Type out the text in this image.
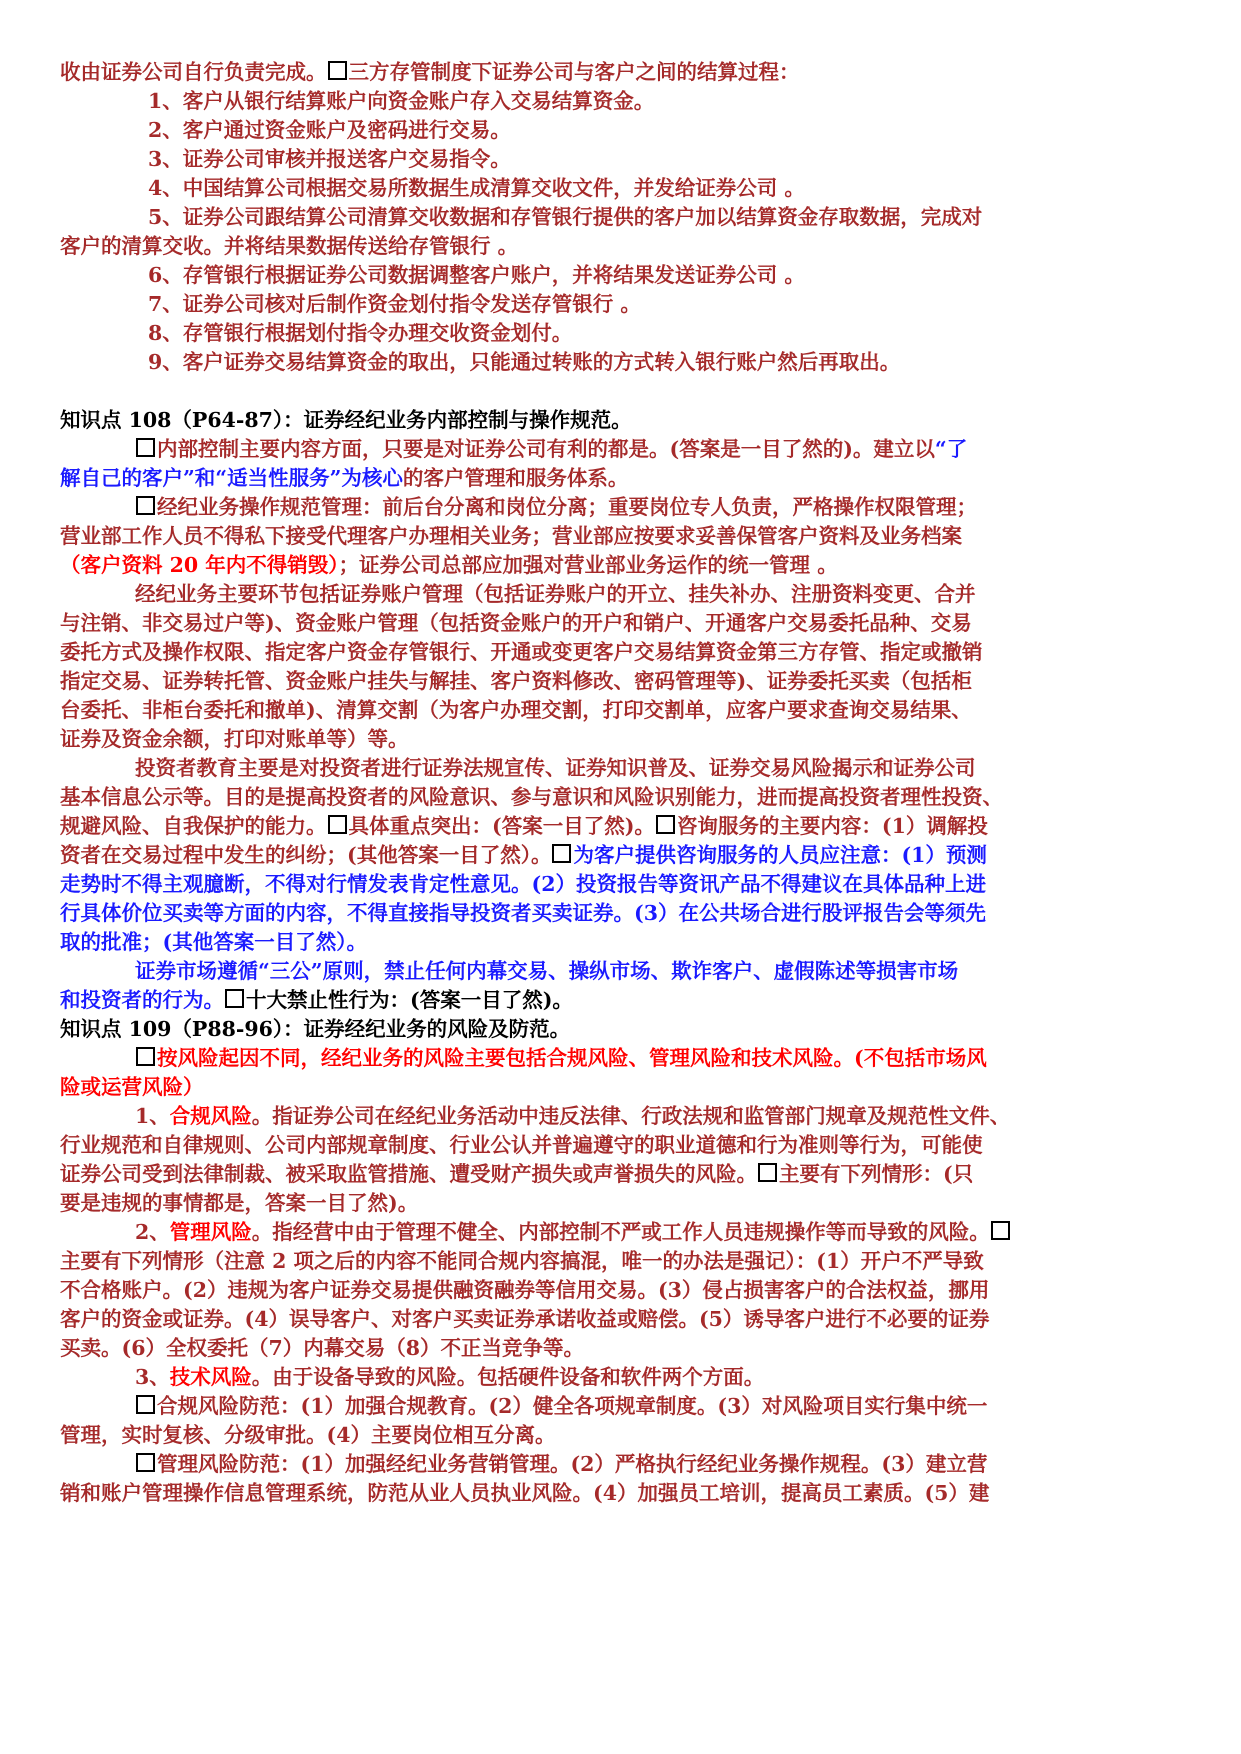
收由证券公司自行负责完成。 三方存管制度下证券公司与客户之间的结算过程：
1、客户从银行结算账户向资金账户存入交易结算资金。
2、客户通过资金账户及密码进行交易。
3、证券公司审核并报送客户交易指令。
4、中国结算公司根据交易所数据生成清算交收文件，并发给证券公司 。
5、证券公司跟结算公司清算交收数据和存管银行提供的客户加以结算资金存取数据，完成对
客户的清算交收。并将结果数据传送给存管银行 。
6、存管银行根据证券公司数据调整客户账户，并将结果发送证券公司 。
7、证券公司核对后制作资金划付指令发送存管银行 。
8、存管银行根据划付指令办理交收资金划付。
9、客户证券交易结算资金的取出，只能通过转账的方式转入银行账户然后再取出。
知识点 108（P64-87）：证券经纪业务内部控制与操作规范。
内部控制主要内容方面，只要是对证券公司有利的都是。(答案是一目了然的)。建立以“了
解自己的客户”和“适当性服务”为核心的客户管理和服务体系。
经纪业务操作规范管理：前后台分离和岗位分离；重要岗位专人负责，严格操作权限管理；
营业部工作人员不得私下接受代理客户办理相关业务；营业部应按要求妥善保管客户资料及业务档案
（客户资料 20 年内不得销毁）；证券公司总部应加强对营业部业务运作的统一管理 。
经纪业务主要环节包括证券账户管理（包括证券账户的开立、挂失补办、注册资料变更、合并
与注销、非交易过户等)、资金账户管理（包括资金账户的开户和销户、开通客户交易委托品种、交易
委托方式及操作权限、指定客户资金存管银行、开通或变更客户交易结算资金第三方存管、指定或撤销
指定交易、证券转托管、资金账户挂失与解挂、客户资料修改、密码管理等)、证券委托买卖（包括柜
台委托、非柜台委托和撤单)、清算交割（为客户办理交割，打印交割单，应客户要求查询交易结果、
证券及资金余额，打印对账单等）等。
投资者教育主要是对投资者进行证券法规宣传、证券知识普及、证券交易风险揭示和证券公司
基本信息公示等。目的是提高投资者的风险意识、参与意识和风险识别能力，进而提高投资者理性投资、
规避风险、自我保护的能力。 具体重点突出：(答案一目了然)。 咨询服务的主要内容：(1）调解投
资者在交易过程中发生的纠纷；(其他答案一目了然）。 为客户提供咨询服务的人员应注意：(1）预测
走势时不得主观臆断，不得对行情发表肯定性意见。(2）投资报告等资讯产品不得建议在具体品种上进
行具体价位买卖等方面的内容，不得直接指导投资者买卖证券。(3）在公共场合进行股评报告会等须先
取的批准；(其他答案一目了然）。
证券市场遵循“三公”原则，禁止任何内幕交易、操纵市场、欺诈客户、虚假陈述等损害市场
和投资者的行为。 十大禁止性行为：(答案一目了然)。
知识点 109（P88-96）：证券经纪业务的风险及防范。
按风险起因不同，经纪业务的风险主要包括合规风险、管理风险和技术风险。(不包括市场风
险或运营风险）
1、合规风险。指证券公司在经纪业务活动中违反法律、行政法规和监管部门规章及规范性文件、
行业规范和自律规则、公司内部规章制度、行业公认并普遍遵守的职业道德和行为准则等行为，可能使
证券公司受到法律制裁、被采取监管措施、遭受财产损失或声誉损失的风险。 主要有下列情形：(只
要是违规的事情都是，答案一目了然)。
2、管理风险。指经营中由于管理不健全、内部控制不严或工作人员违规操作等而导致的风险。
主要有下列情形（注意 2 项之后的内容不能同合规内容搞混，唯一的办法是强记）：(1）开户不严导致
不合格账户。(2）违规为客户证券交易提供融资融券等信用交易。(3）侵占损害客户的合法权益，挪用
客户的资金或证券。(4）误导客户、对客户买卖证券承诺收益或赔偿。(5）诱导客户进行不必要的证券
买卖。(6）全权委托（7）内幕交易（8）不正当竞争等。
3、技术风险。由于设备导致的风险。包括硬件设备和软件两个方面。
合规风险防范：(1）加强合规教育。(2）健全各项规章制度。(3）对风险项目实行集中统一
管理，实时复核、分级审批。(4）主要岗位相互分离。
管理风险防范：(1）加强经纪业务营销管理。(2）严格执行经纪业务操作规程。(3）建立营
销和账户管理操作信息管理系统，防范从业人员执业风险。(4）加强员工培训，提高员工素质。(5）建
